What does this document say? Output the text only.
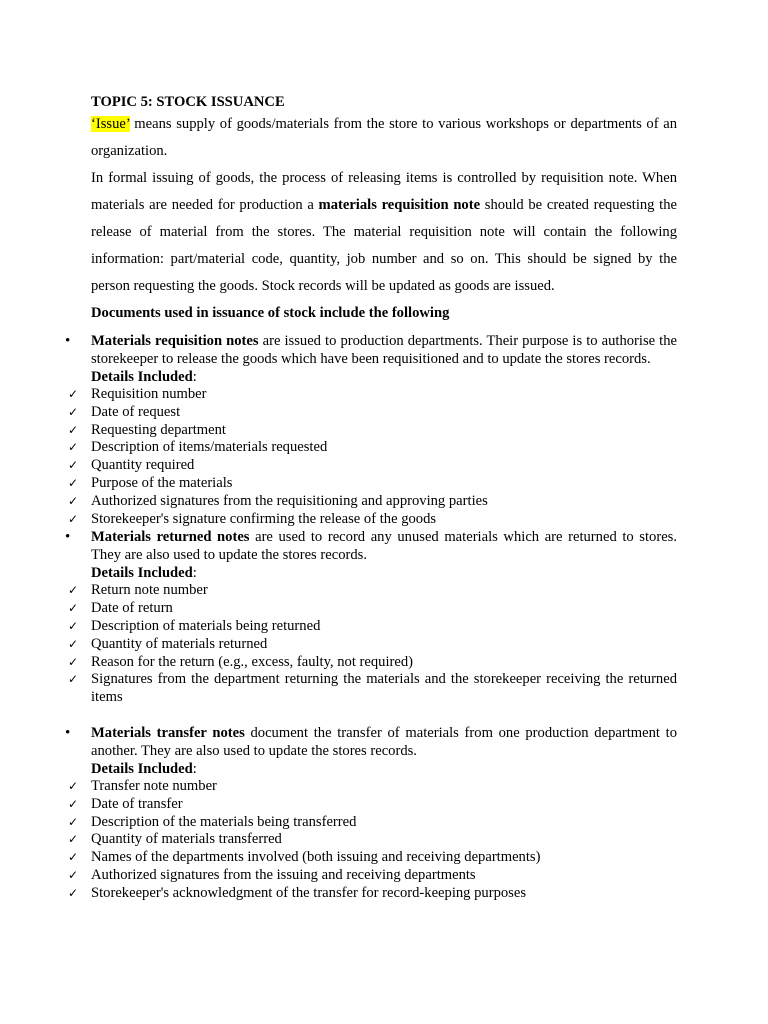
TOPIC 5: STOCK ISSUANCE

‘Issue’ means supply of goods/materials from the store to various workshops or departments of an organization.

In formal issuing of goods, the process of releasing items is controlled by requisition note. When materials are needed for production a materials requisition note should be created requesting the release of material from the stores. The material requisition note will contain the following information: part/material code, quantity, job number and so on. This should be signed by the person requesting the goods. Stock records will be updated as goods are issued.

Documents used in issuance of stock include the following

• Materials requisition notes are issued to production departments. Their purpose is to authorise the storekeeper to release the goods which have been requisitioned and to update the stores records.
Details Included:
✓ Requisition number
✓ Date of request
✓ Requesting department
✓ Description of items/materials requested
✓ Quantity required
✓ Purpose of the materials
✓ Authorized signatures from the requisitioning and approving parties
✓ Storekeeper's signature confirming the release of the goods
• Materials returned notes are used to record any unused materials which are returned to stores. They are also used to update the stores records.
Details Included:
✓ Return note number
✓ Date of return
✓ Description of materials being returned
✓ Quantity of materials returned
✓ Reason for the return (e.g., excess, faulty, not required)
✓ Signatures from the department returning the materials and the storekeeper receiving the returned items
• Materials transfer notes document the transfer of materials from one production department to another. They are also used to update the stores records.
Details Included:
✓ Transfer note number
✓ Date of transfer
✓ Description of the materials being transferred
✓ Quantity of materials transferred
✓ Names of the departments involved (both issuing and receiving departments)
✓ Authorized signatures from the issuing and receiving departments
✓ Storekeeper's acknowledgment of the transfer for record-keeping purposes
